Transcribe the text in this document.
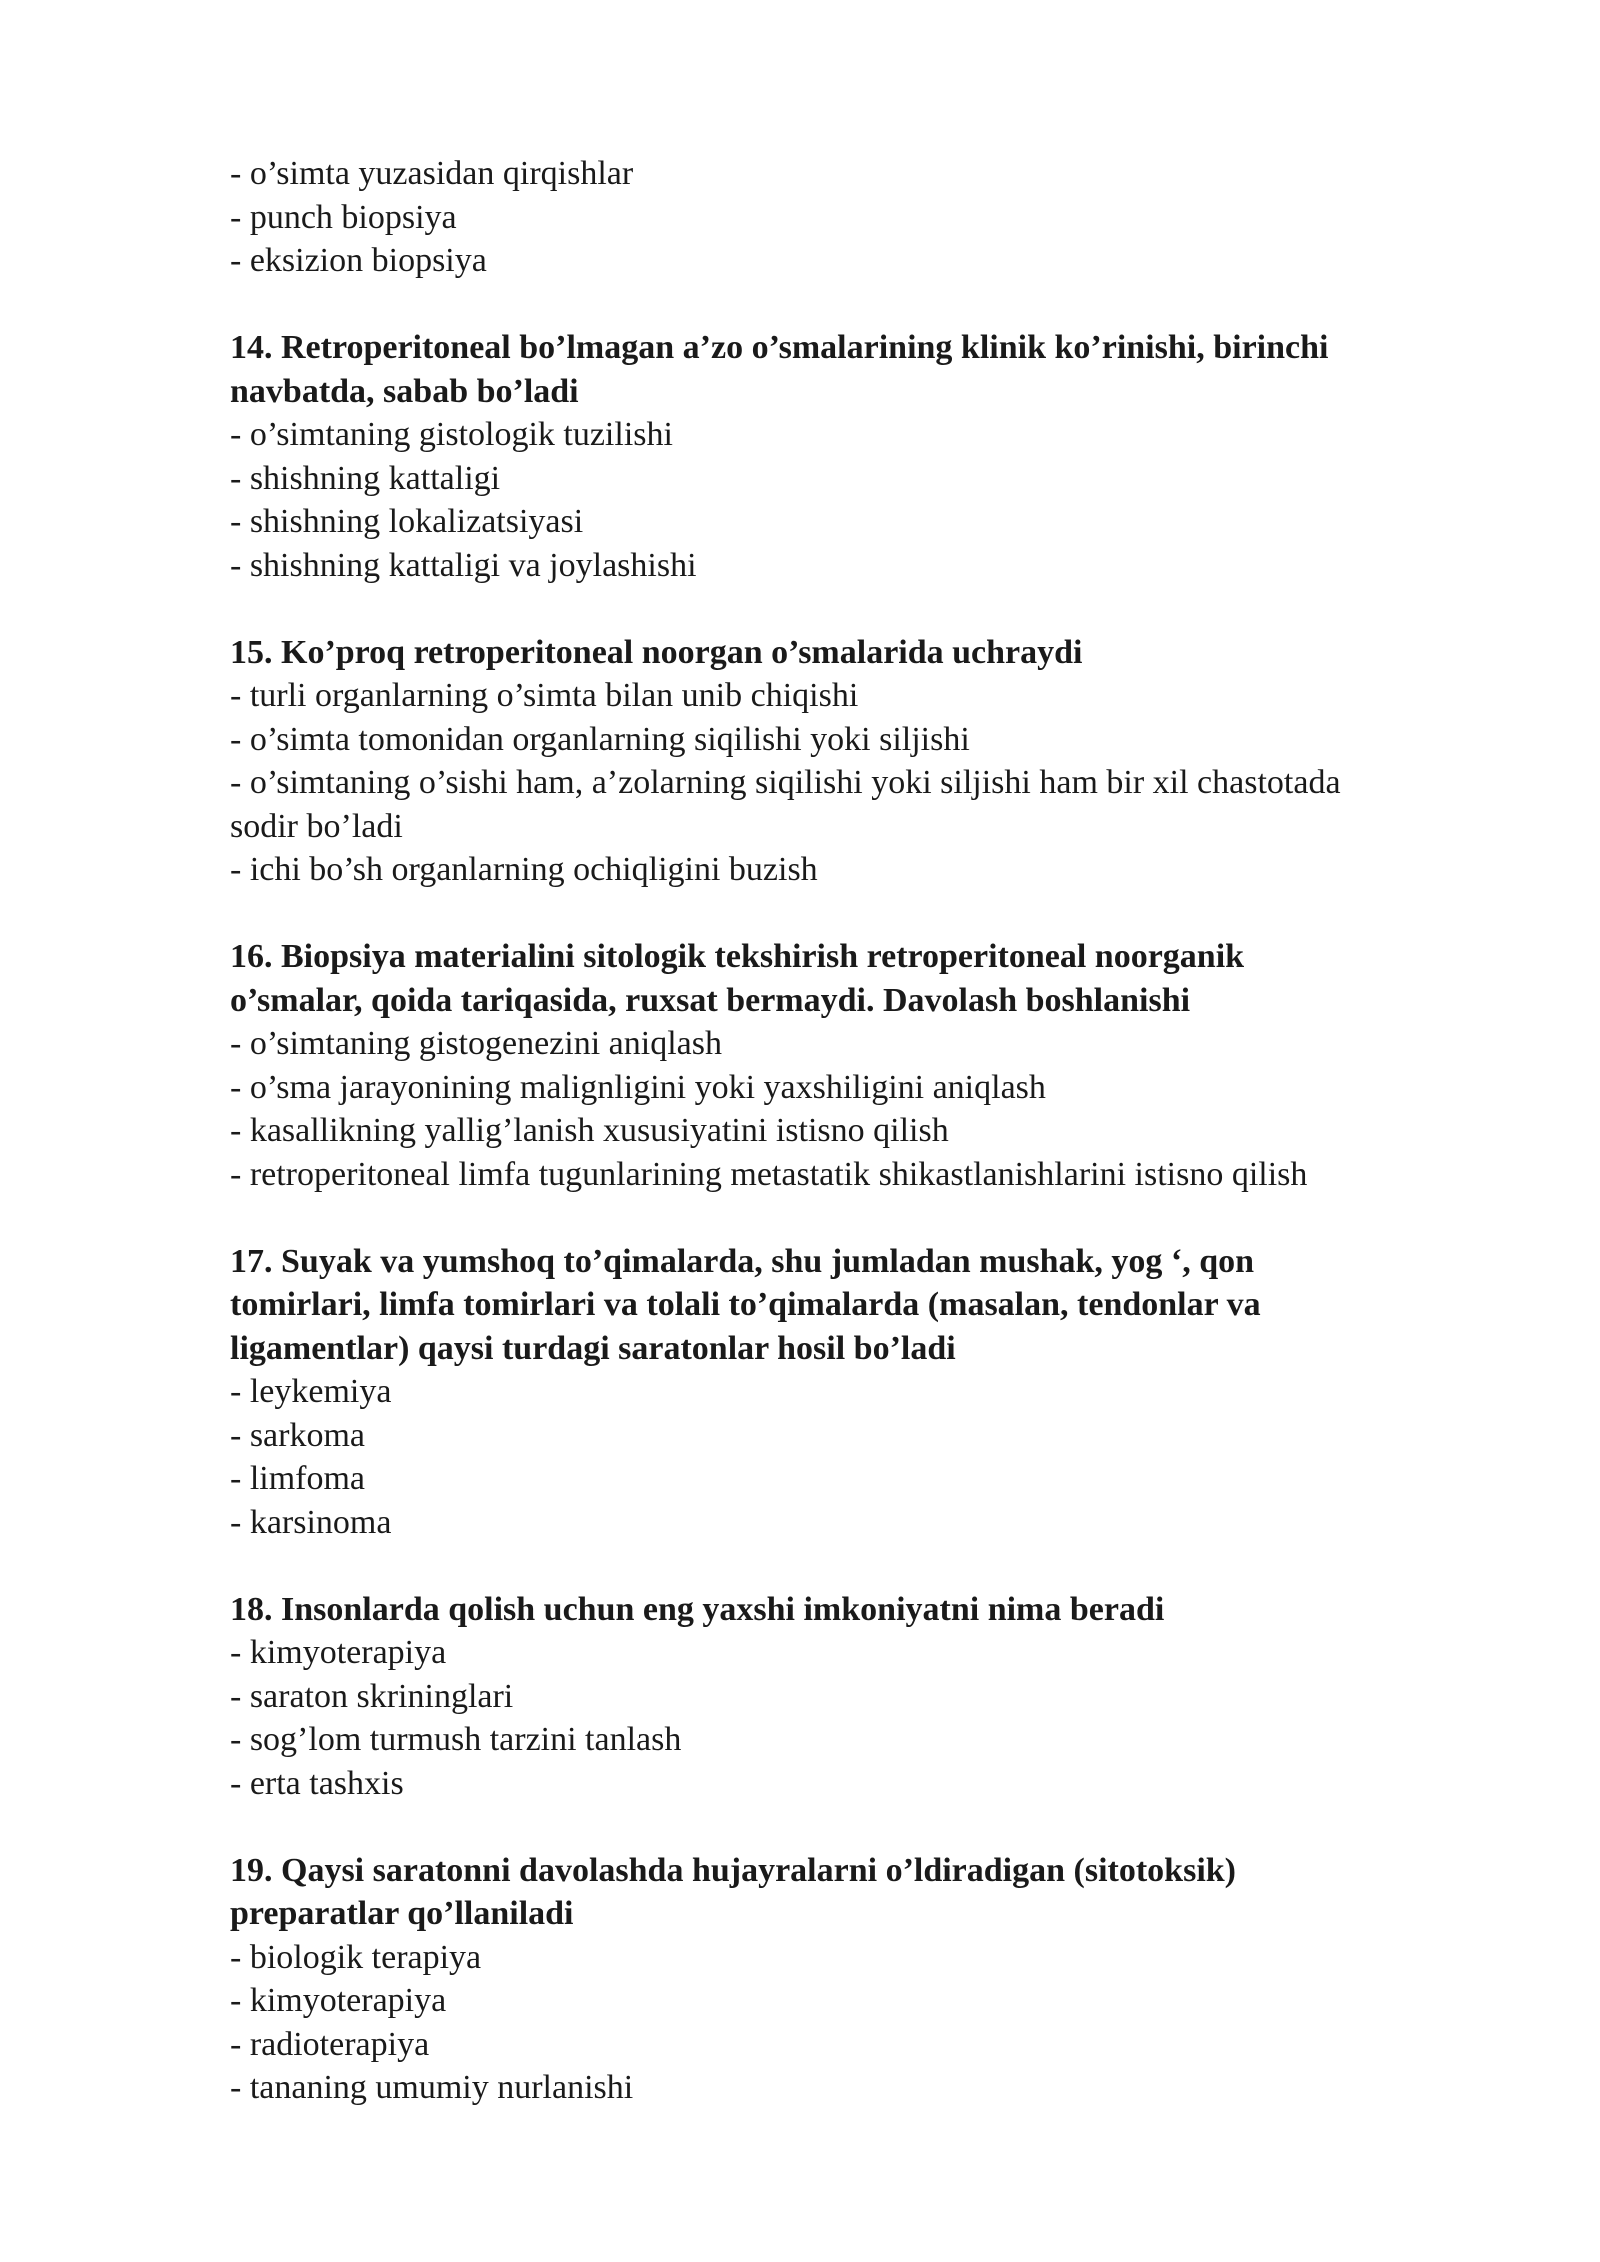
- o’simta yuzasidan qirqishlar
- punch biopsiya
- eksizion biopsiya
14. Retroperitoneal bo’lmagan a’zo o’smalarining klinik ko’rinishi, birinchi
navbatda, sabab bo’ladi
- o’simtaning gistologik tuzilishi
- shishning kattaligi
- shishning lokalizatsiyasi
- shishning kattaligi va joylashishi
15. Ko’proq retroperitoneal noorgan o’smalarida uchraydi
- turli organlarning o’simta bilan unib chiqishi
- o’simta tomonidan organlarning siqilishi yoki siljishi
- o’simtaning o’sishi ham, a’zolarning siqilishi yoki siljishi ham bir xil chastotada
sodir bo’ladi
- ichi bo’sh organlarning ochiqligini buzish
16. Biopsiya materialini sitologik tekshirish retroperitoneal noorganik
o’smalar, qoida tariqasida, ruxsat bermaydi. Davolash boshlanishi
- o’simtaning gistogenezini aniqlash
- o’sma jarayonining malignligini yoki yaxshiligini aniqlash
- kasallikning yallig’lanish xususiyatini istisno qilish
- retroperitoneal limfa tugunlarining metastatik shikastlanishlarini istisno qilish
17. Suyak va yumshoq to’qimalarda, shu jumladan mushak, yog ‘, qon
tomirlari, limfa tomirlari va tolali to’qimalarda (masalan, tendonlar va
ligamentlar) qaysi turdagi saratonlar hosil bo’ladi
- leykemiya
- sarkoma
- limfoma
- karsinoma
18. Insonlarda qolish uchun eng yaxshi imkoniyatni nima beradi
- kimyoterapiya
- saraton skrininglari
- sog’lom turmush tarzini tanlash
- erta tashxis
19. Qaysi saratonni davolashda hujayralarni o’ldiradigan (sitotoksik)
preparatlar qo’llaniladi
- biologik terapiya
- kimyoterapiya
- radioterapiya
- tananing umumiy nurlanishi
